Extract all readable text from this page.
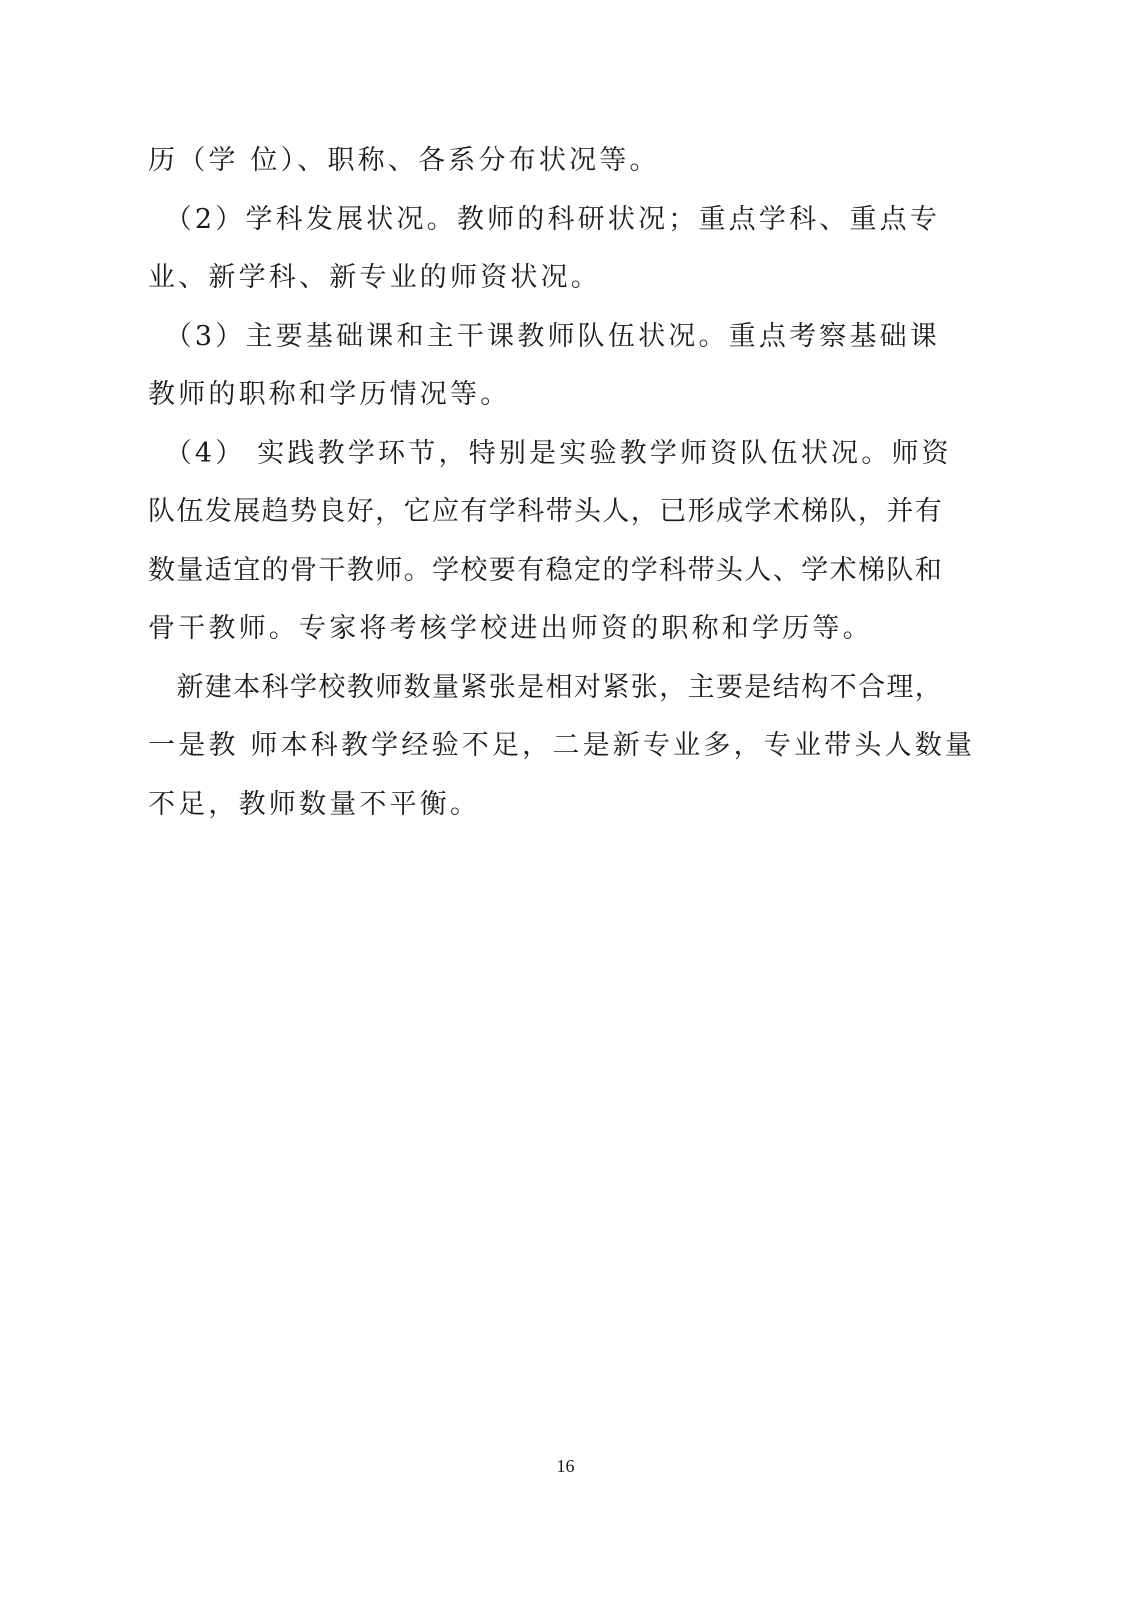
历（学 位）、职称、各系分布状况等。
　（2）学科发展状况。教师的科研状况；重点学科、重点专
业、新学科、新专业的师资状况。
　（3）主要基础课和主干课教师队伍状况。重点考察基础课
教师的职称和学历情况等。
　（4） 实践教学环节，特别是实验教学师资队伍状况。师资
队伍发展趋势良好，它应有学科带头人，已形成学术梯队，并有
数量适宜的骨干教师。学校要有稳定的学科带头人、学术梯队和
骨干教师。专家将考核学校进出师资的职称和学历等。
　新建本科学校教师数量紧张是相对紧张，主要是结构不合理，
一是教 师本科教学经验不足，二是新专业多，专业带头人数量
不足，教师数量不平衡。
16
